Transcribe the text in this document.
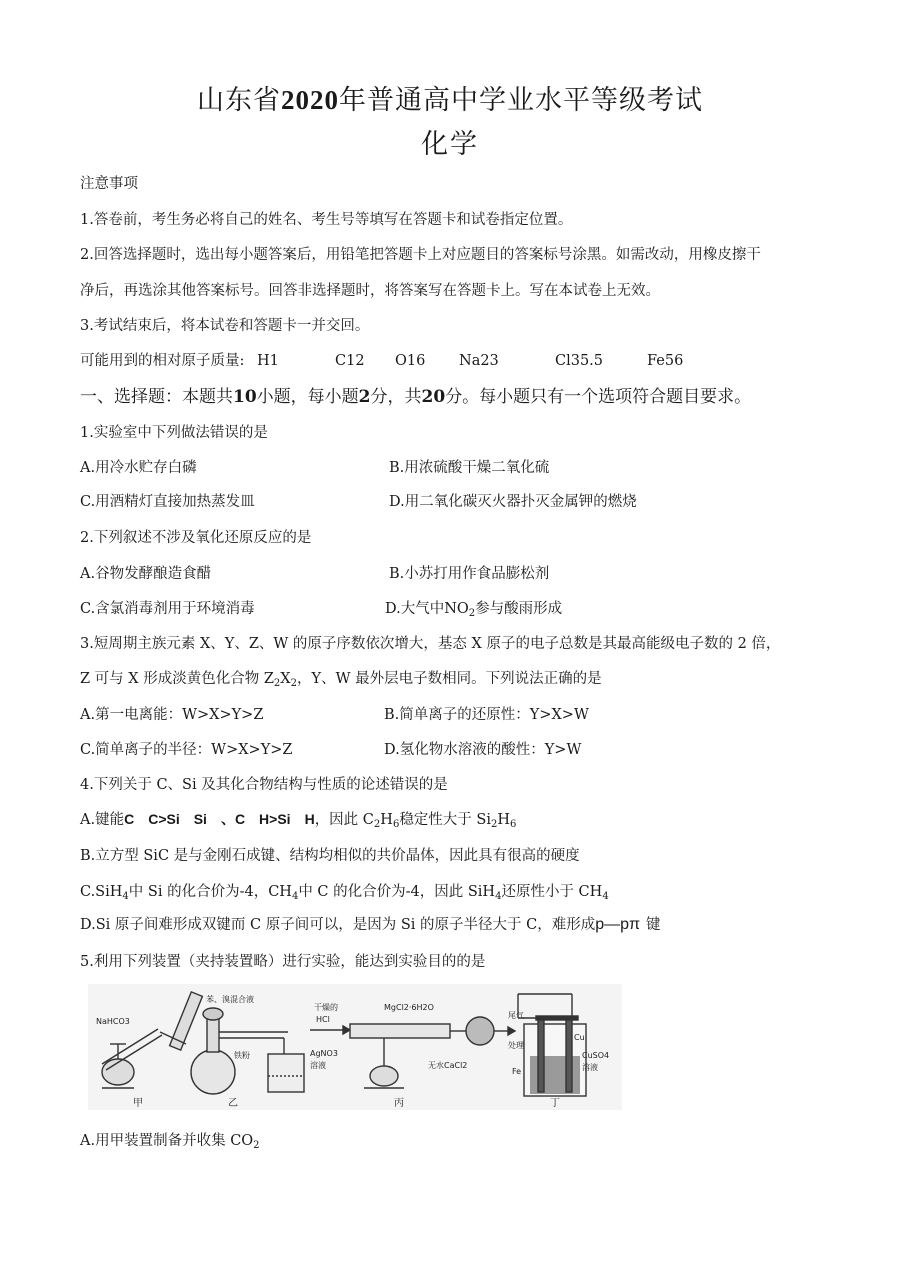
山东省2020年普通高中学业水平等级考试
化学
注意事项
1.答卷前，考生务必将自己的姓名、考生号等填写在答题卡和试卷指定位置。
2.回答选择题时，选出每小题答案后，用铅笔把答题卡上对应题目的答案标号涂黑。如需改动，用橡皮擦干
净后，再选涂其他答案标号。回答非选择题时，将答案写在答题卡上。写在本试卷上无效。
3.考试结束后，将本试卷和答题卡一并交回。
可能用到的相对原子质量: H1	C12 O16 Na23	Cl35.5	Fe56
一、选择题：本题共10小题，每小题2分，共20分。每小题只有一个选项符合题目要求。
1.实验室中下列做法错误的是
A.用冷水贮存白磷	B.用浓硫酸干燥二氧化硫
C.用酒精灯直接加热蒸发皿	D.用二氧化碳灭火器扑灭金属钾的燃烧
2.下列叙述不涉及氧化还原反应的是
A.谷物发酵酿造食醋	B.小苏打用作食品膨松剂
C.含氯消毒剂用于环境消毒	D.大气中$NO_2$参与酸雨形成
3.短周期主族元素 X、Y、Z、W 的原子序数依次增大，基态 X 原子的电子总数是其最高能级电子数的 2 倍，
Z 可与 X 形成淡黄色化合物 $Z_2X_2$，Y、W 最外层电子数相同。下列说法正确的是
A.第一电离能：W>X>Y>Z	B.简单离子的还原性：Y>X>W
C.简单离子的半径：W>X>Y>Z	D.氢化物水溶液的酸性：Y>W
4.下列关于 C、Si 及其化合物结构与性质的论述错误的是
A.键能C　C>Si　Si　、C　H>Si　H，因此 $C_2H_6$稳定性大于 $Si_2H_6$
B.立方型 SiC 是与金刚石成键、结构均相似的共价晶体，因此具有很高的硬度
C.SiH$_4$中 Si 的化合价为-4，$CH_4$中 C 的化合价为-4，因此 SiH$_4$还原性小于 $CH_4$
D.Si 原子间难形成双键而 C 原子间可以，是因为 Si 的原子半径大于 C，难形成p—pπ 键
5.利用下列装置（夹持装置略）进行实验，能达到实验目的的是
NaHCO3
甲
苯、溴混合液
铁粉	AgNO3
溶液
乙
干燥的
HCl
MgCl2·6H2O
无水CaCl2
尾气
处理
丙
Cu
Fe
CuSO4
溶液
丁
A.用甲装置制备并收集 $CO_2$
